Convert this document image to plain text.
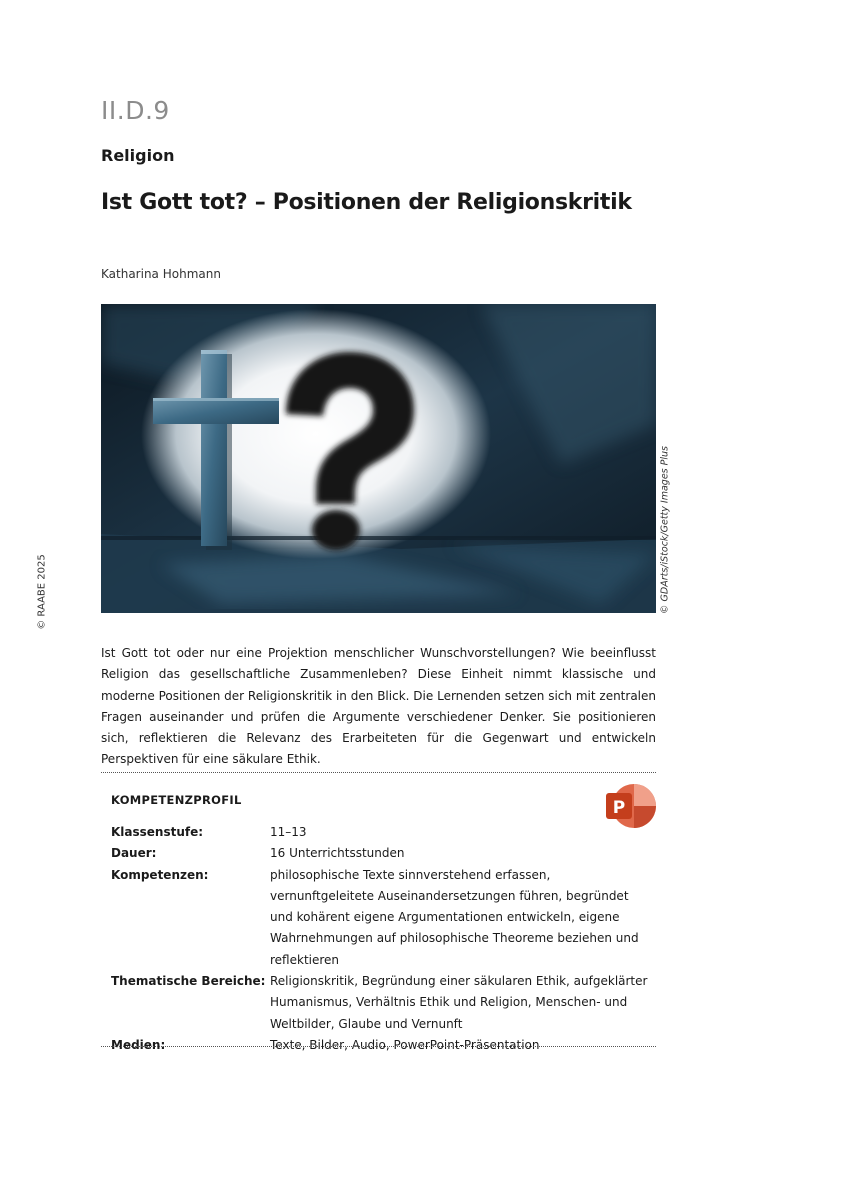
II.D.9
Religion
Ist Gott tot? – Positionen der Religionskritik
Katharina Hohmann
© RAABE 2025	© GDArts/iStock/Getty Images Plus

Ist Gott tot oder nur eine Projektion menschlicher Wunschvorstellungen? Wie beeinflusst Religion das gesellschaftliche Zusammenleben? Diese Einheit nimmt klassische und moderne Positionen der Religionskritik in den Blick. Die Lernenden setzen sich mit zentralen Fragen auseinander und prüfen die Argumente verschiedener Denker. Sie positionieren sich, reflektieren die Relevanz des Erarbeiteten für die Gegenwart und entwickeln Perspektiven für eine säkulare Ethik.

KOMPETENZPROFIL	P
Klassenstufe:	11–13
Dauer:	16 Unterrichtsstunden
Kompetenzen:	philosophische Texte sinnverstehend erfassen, vernunftgeleitete Auseinandersetzungen führen, begründet und kohärent eigene Argumentationen entwickeln, eigene Wahrnehmungen auf philosophische Theoreme beziehen und reflektieren
Thematische Bereiche: Religionskritik, Begründung einer säkularen Ethik, aufgeklärter Humanismus, Verhältnis Ethik und Religion, Menschen- und Weltbilder, Glaube und Vernunft
Medien:	Texte, Bilder, Audio, PowerPoint-Präsentation
